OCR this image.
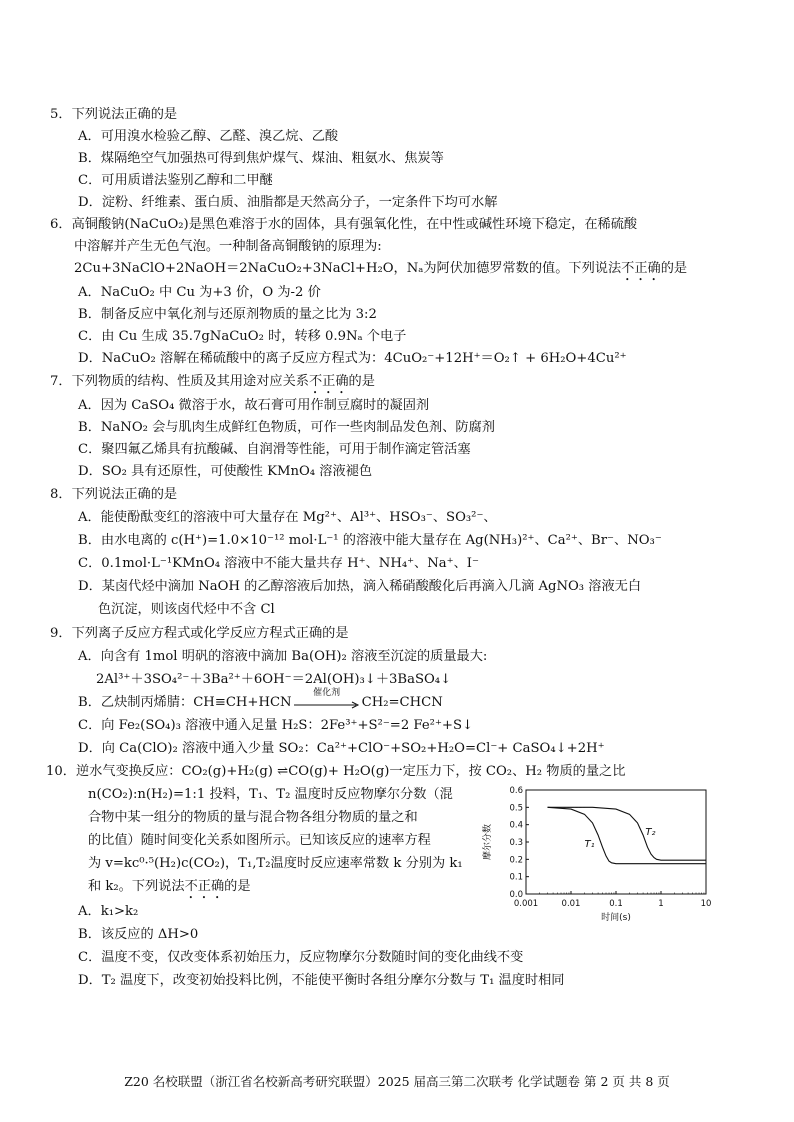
5．下列说法正确的是
A．可用溴水检验乙醇、乙醛、溴乙烷、乙酸
B．煤隔绝空气加强热可得到焦炉煤气、煤油、粗氨水、焦炭等
C．可用质谱法鉴别乙醇和二甲醚
D．淀粉、纤维素、蛋白质、油脂都是天然高分子，一定条件下均可水解
6．高铜酸钠(NaCuO₂)是黑色难溶于水的固体，具有强氧化性，在中性或碱性环境下稳定，在稀硫酸
中溶解并产生无色气泡。一种制备高铜酸钠的原理为:
2Cu+3NaClO+2NaOH＝2NaCuO₂+3NaCl+H₂O，Nₐ为阿伏加德罗常数的值。下列说法不正确的是
A．NaCuO₂ 中 Cu 为+3 价，O 为-2 价
B．制备反应中氧化剂与还原剂物质的量之比为 3:2
C．由 Cu 生成 35.7gNaCuO₂ 时，转移 0.9Nₐ 个电子
D．NaCuO₂ 溶解在稀硫酸中的离子反应方程式为：4CuO₂⁻+12H⁺＝O₂↑ + 6H₂O+4Cu²⁺
7．下列物质的结构、性质及其用途对应关系不正确的是
A．因为 CaSO₄ 微溶于水，故石膏可用作制豆腐时的凝固剂
B．NaNO₂ 会与肌肉生成鲜红色物质，可作一些肉制品发色剂、防腐剂
C．聚四氟乙烯具有抗酸碱、自润滑等性能，可用于制作滴定管活塞
D．SO₂ 具有还原性，可使酸性 KMnO₄ 溶液褪色
8．下列说法正确的是
A．能使酚酞变红的溶液中可大量存在 Mg²⁺、Al³⁺、HSO₃⁻、SO₃²⁻、
B．由水电离的 c(H⁺)=1.0×10⁻¹² mol·L⁻¹ 的溶液中能大量存在 Ag(NH₃)²⁺、Ca²⁺、Br⁻、NO₃⁻
C．0.1mol·L⁻¹KMnO₄ 溶液中不能大量共存 H⁺、NH₄⁺、Na⁺、I⁻
D．某卤代烃中滴加 NaOH 的乙醇溶液后加热，滴入稀硝酸酸化后再滴入几滴 AgNO₃ 溶液无白
色沉淀，则该卤代烃中不含 Cl
9．下列离子反应方程式或化学反应方程式正确的是
A．向含有 1mol 明矾的溶液中滴加 Ba(OH)₂ 溶液至沉淀的质量最大:
2Al³⁺＋3SO₄²⁻＋3Ba²⁺＋6OH⁻＝2Al(OH)₃↓＋3BaSO₄↓
B．乙炔制丙烯腈：CH≡CH+HCN
催化剂
CH₂=CHCN
C．向 Fe₂(SO₄)₃ 溶液中通入足量 H₂S：2Fe³⁺+S²⁻=2 Fe²⁺+S↓
D．向 Ca(ClO)₂ 溶液中通入少量 SO₂：Ca²⁺+ClO⁻+SO₂+H₂O=Cl⁻+ CaSO₄↓+2H⁺
10．逆水气变换反应：CO₂(g)+H₂(g) ⇌CO(g)+ H₂O(g)一定压力下，按 CO₂、H₂ 物质的量之比
n(CO₂):n(H₂)=1:1 投料，T₁、T₂ 温度时反应物摩尔分数（混
合物中某一组分的物质的量与混合物各组分物质的量之和
的比值）随时间变化关系如图所示。已知该反应的速率方程
为 v=kc⁰·⁵(H₂)c(CO₂)，T₁,T₂温度时反应速率常数 k 分别为 k₁
和 k₂。下列说法不正确的是
A．k₁>k₂
B．该反应的 ΔH>0
C．温度不变，仅改变体系初始压力，反应物摩尔分数随时间的变化曲线不变
D．T₂ 温度下，改变初始投料比例，不能使平衡时各组分摩尔分数与 T₁ 温度时相同
0.0
0.1
0.2
0.3
0.4
0.5
0.6
0.001	0.01	0.1	1	10
T₁
T₂
时间(s)
摩尔分数
Z20 名校联盟（浙江省名校新高考研究联盟）2025 届高三第二次联考 化学试题卷 第 2 页 共 8 页
